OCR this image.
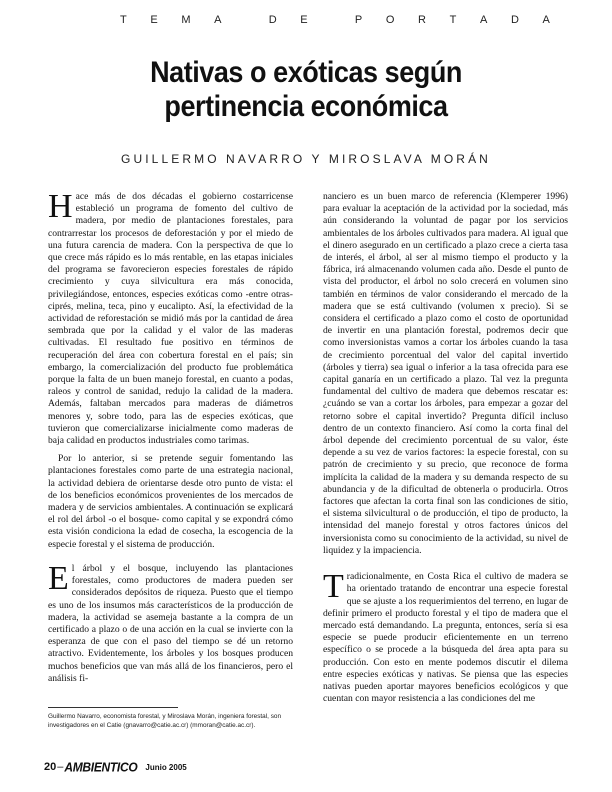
T E M A	D E	P O R T A D A
Nativas o exóticas según
pertinencia económica
GUILLERMO NAVARRO Y MIROSLAVA MORÁN

Hace más de dos décadas el gobierno costarricense estableció un programa de fomento del cultivo de madera, por medio de plantaciones forestales, para contrarrestar los procesos de deforestación y por el miedo de una futura carencia de madera. Con la perspectiva de que lo que crece más rápido es lo más rentable, en las etapas iniciales del programa se favorecieron especies forestales de rápido crecimiento y cuya silvicultura era más conocida, privilegiándose, entonces, especies exóticas como -entre otras- ciprés, melina, teca, pino y eucalipto. Así, la efectividad de la actividad de reforestación se midió más por la cantidad de área sembrada que por la calidad y el valor de las maderas cultivadas. El resultado fue positivo en términos de recuperación del área con cobertura forestal en el país; sin embargo, la comercialización del producto fue problemática porque la falta de un buen manejo forestal, en cuanto a podas, raleos y control de sanidad, redujo la calidad de la madera. Además, faltaban mercados para maderas de diámetros menores y, sobre todo, para las de especies exóticas, que tuvieron que comercializarse inicialmente como maderas de baja calidad en productos industriales como tarimas.

Por lo anterior, si se pretende seguir fomentando las plantaciones forestales como parte de una estrategia nacional, la actividad debiera de orientarse desde otro punto de vista: el de los beneficios económicos provenientes de los mercados de madera y de servicios ambientales. A continuación se explicará el rol del árbol -o el bosque- como capital y se expondrá cómo esta visión condiciona la edad de cosecha, la escogencia de la especie forestal y el sistema de producción.

El árbol y el bosque, incluyendo las plantaciones forestales, como productores de madera pueden ser considerados depósitos de riqueza. Puesto que el tiempo es uno de los insumos más característicos de la producción de madera, la actividad se asemeja bastante a la compra de un certificado a plazo o de una acción en la cual se invierte con la esperanza de que con el paso del tiempo se dé un retorno atractivo. Evidentemente, los árboles y los bosques producen muchos beneficios que van más allá de los financieros, pero el análisis fi-

nanciero es un buen marco de referencia (Klemperer 1996) para evaluar la aceptación de la actividad por la sociedad, más aún considerando la voluntad de pagar por los servicios ambientales de los árboles cultivados para madera. Al igual que el dinero asegurado en un certificado a plazo crece a cierta tasa de interés, el árbol, al ser al mismo tiempo el producto y la fábrica, irá almacenando volumen cada año. Desde el punto de vista del productor, el árbol no solo crecerá en volumen sino también en términos de valor considerando el mercado de la madera que se está cultivando (volumen x precio). Si se considera el certificado a plazo como el costo de oportunidad de invertir en una plantación forestal, podremos decir que como inversionistas vamos a cortar los árboles cuando la tasa de crecimiento porcentual del valor del capital invertido (árboles y tierra) sea igual o inferior a la tasa ofrecida para ese capital ganaría en un certificado a plazo. Tal vez la pregunta fundamental del cultivo de madera que debemos rescatar es: ¿cuándo se van a cortar los árboles, para empezar a gozar del retorno sobre el capital invertido? Pregunta difícil incluso dentro de un contexto financiero. Así como la corta final del árbol depende del crecimiento porcentual de su valor, éste depende a su vez de varios factores: la especie forestal, con su patrón de crecimiento y su precio, que reconoce de forma implícita la calidad de la madera y su demanda respecto de su abundancia y de la dificultad de obtenerla o producirla. Otros factores que afectan la corta final son las condiciones de sitio, el sistema silvicultural o de producción, el tipo de producto, la intensidad del manejo forestal y otros factores únicos del inversionista como su conocimiento de la actividad, su nivel de liquidez y la impaciencia.

Tradicionalmente, en Costa Rica el cultivo de madera se ha orientado tratando de encontrar una especie forestal que se ajuste a los requerimientos del terreno, en lugar de definir primero el producto forestal y el tipo de madera que el mercado está demandando. La pregunta, entonces, sería si esa especie se puede producir eficientemente en un terreno específico o se procede a la búsqueda del área apta para su producción. Con esto en mente podemos discutir el dilema entre especies exóticas y nativas. Se piensa que las especies nativas pueden aportar mayores beneficios ecológicos y que cuentan con mayor resistencia a las condiciones del me

Guillermo Navarro, economista forestal, y Miroslava Morán, ingeniera forestal, son investigadores en el Catie (gnavarro@catie.ac.cr) (mmoran@catie.ac.cr).
20 – AMBIENTICO Junio 2005
